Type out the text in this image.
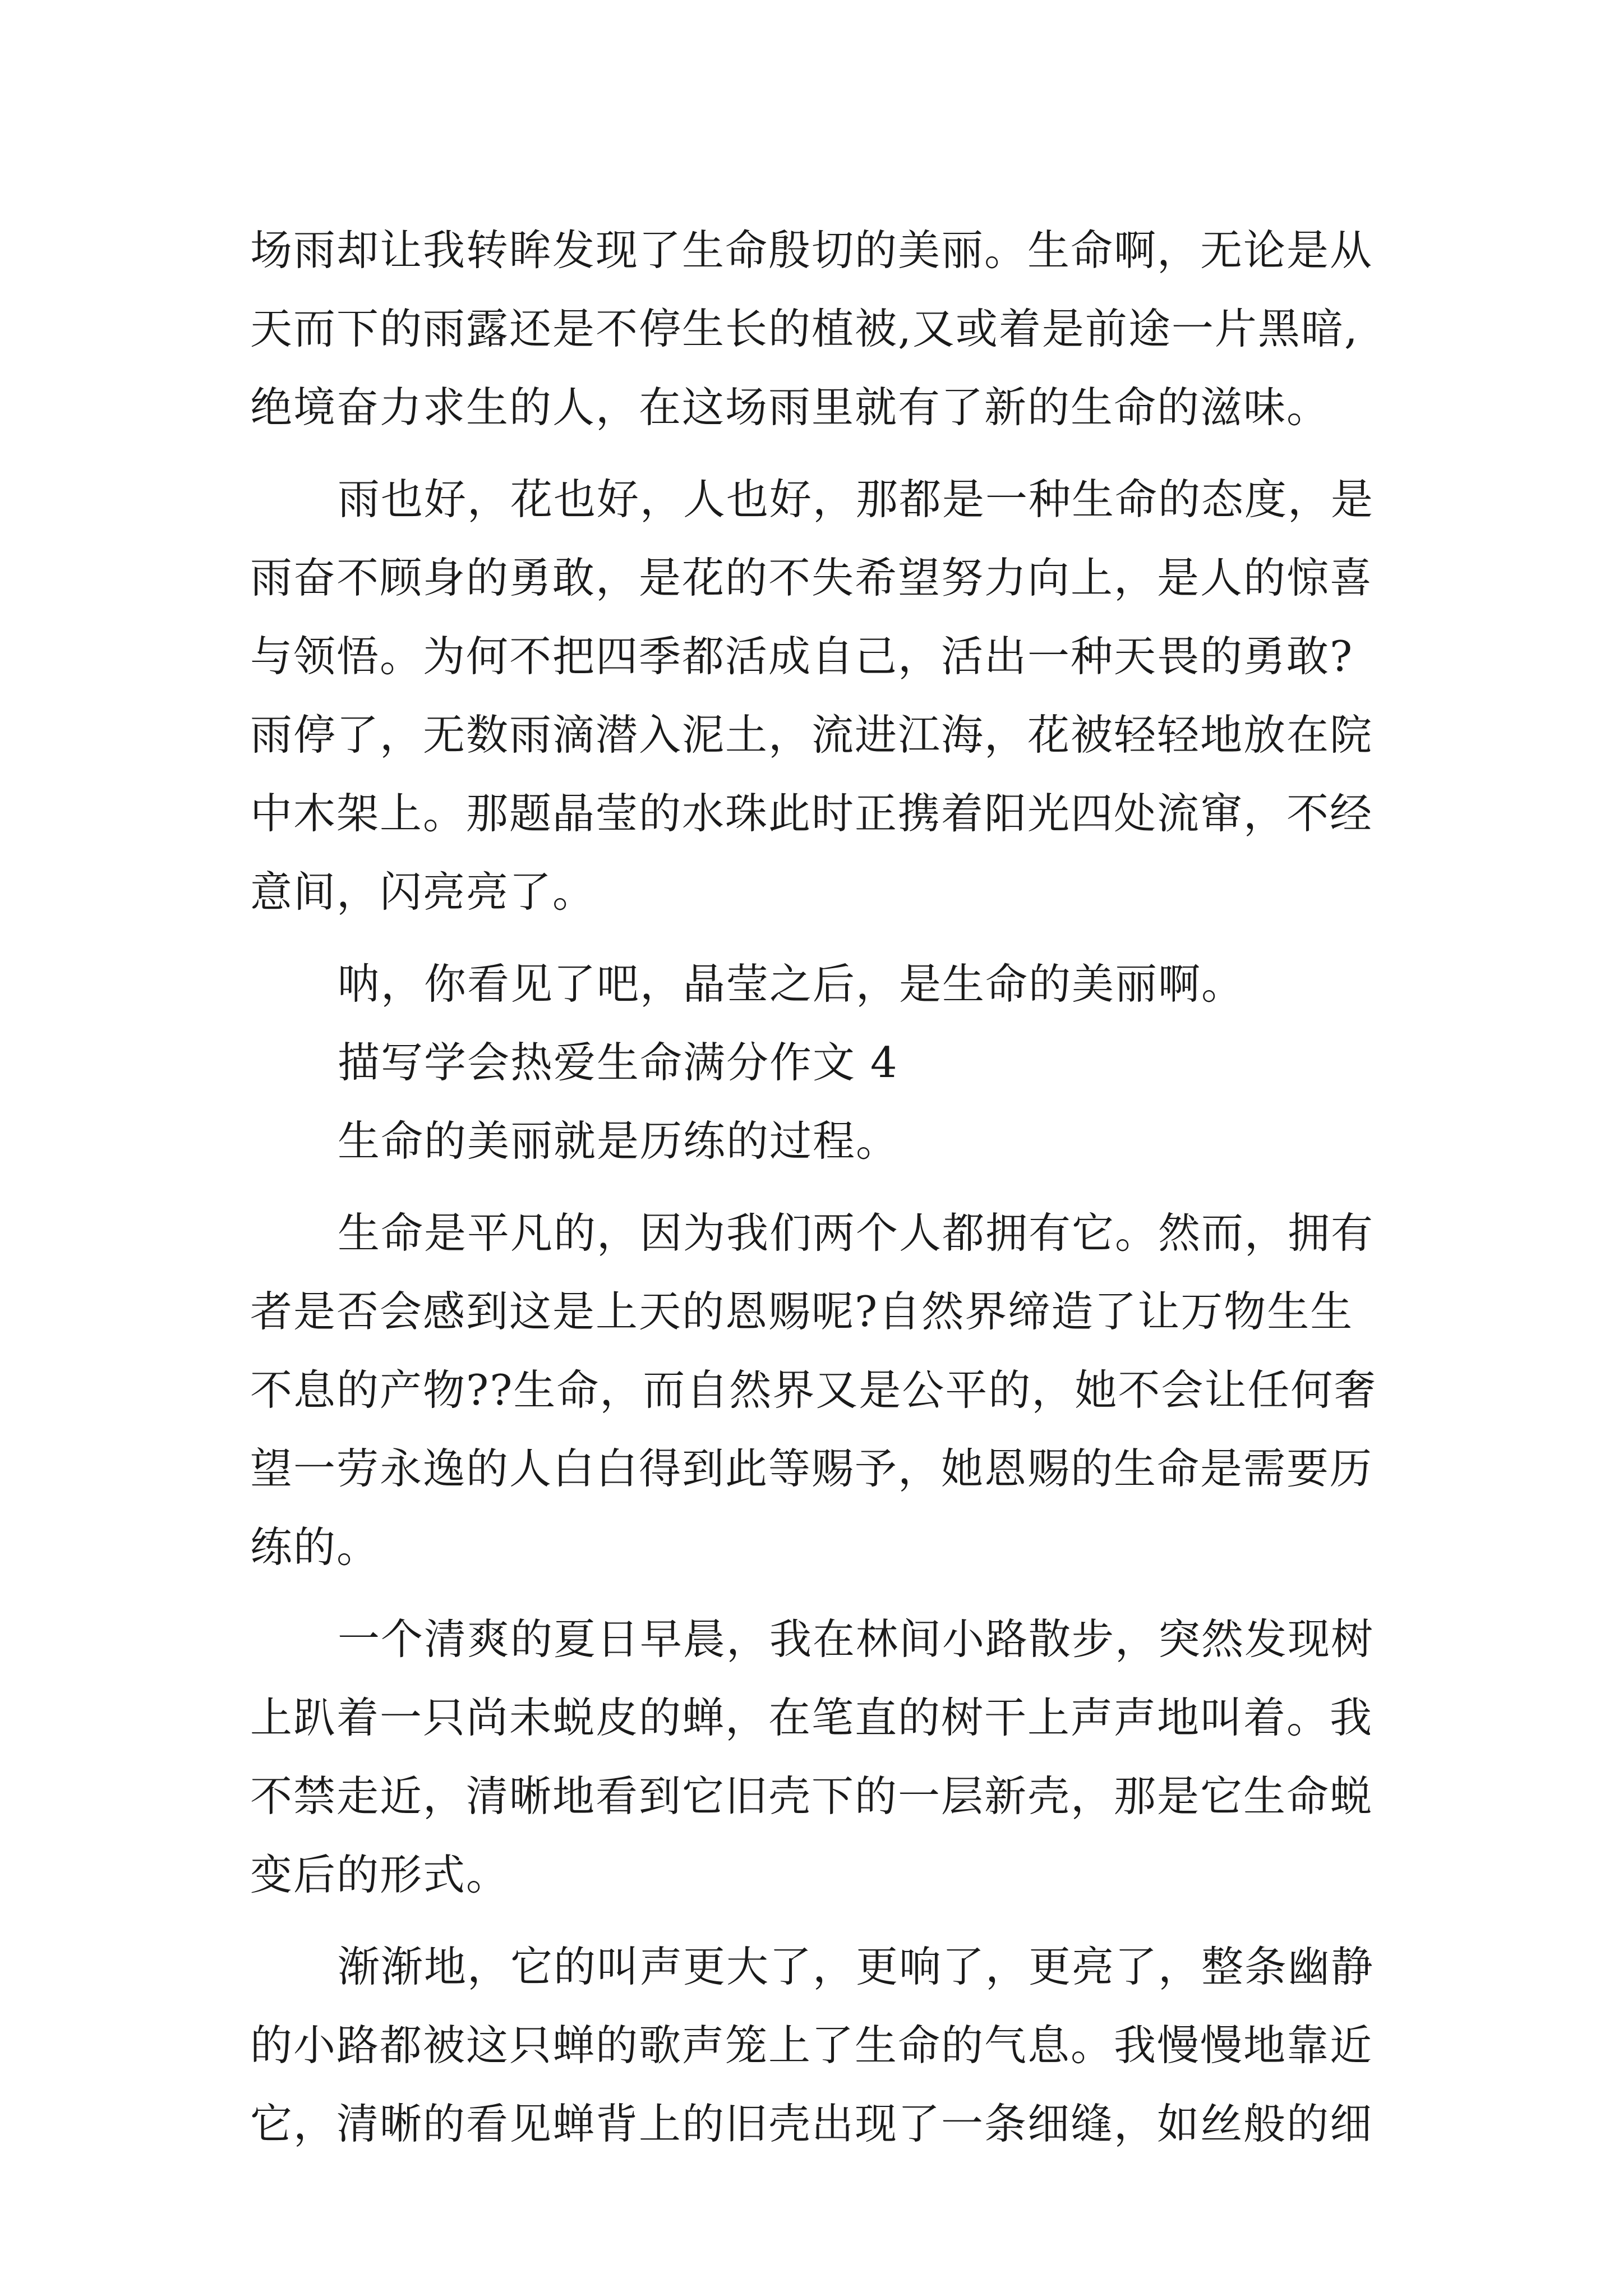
场雨却让我转眸发现了生命殷切的美丽。生命啊，无论是从
天而下的雨露还是不停生长的植被,又或着是前途一片黑暗,
绝境奋力求生的人，在这场雨里就有了新的生命的滋味。
雨也好，花也好，人也好，那都是一种生命的态度，是
雨奋不顾身的勇敢，是花的不失希望努力向上，是人的惊喜
与领悟。为何不把四季都活成自己，活出一种天畏的勇敢?
雨停了，无数雨滴潜入泥土，流进江海，花被轻轻地放在院
中木架上。那题晶莹的水珠此时正携着阳光四处流窜，不经
意间，闪亮亮了。
呐，你看见了吧，晶莹之后，是生命的美丽啊。
描写学会热爱生命满分作文 4
生命的美丽就是历练的过程。
生命是平凡的，因为我们两个人都拥有它。然而，拥有
者是否会感到这是上天的恩赐呢?自然界缔造了让万物生生
不息的产物??生命，而自然界又是公平的，她不会让任何奢
望一劳永逸的人白白得到此等赐予，她恩赐的生命是需要历
练的。
一个清爽的夏日早晨，我在林间小路散步，突然发现树
上趴着一只尚未蜕皮的蝉，在笔直的树干上声声地叫着。我
不禁走近，清晰地看到它旧壳下的一层新壳，那是它生命蜕
变后的形式。
渐渐地，它的叫声更大了，更响了，更亮了，整条幽静
的小路都被这只蝉的歌声笼上了生命的气息。我慢慢地靠近
它，清晰的看见蝉背上的旧壳出现了一条细缝，如丝般的细
